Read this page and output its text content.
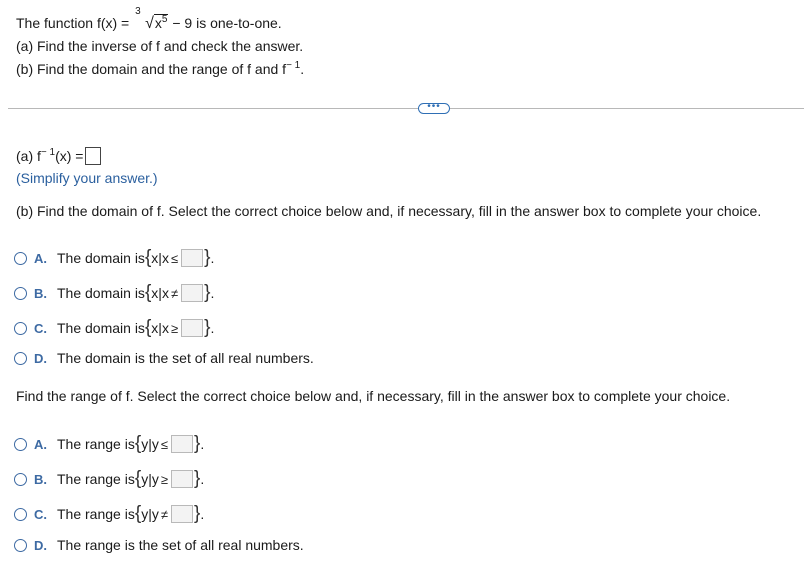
The function f(x) =
3
$√x^5 - 9$ is one-to-one.
(a) Find the inverse of f and check the answer.
(b) Find the domain and the range of f and $f^{- 1}$.
•••
(a) $f^{- 1}(x)$ =
(Simplify your answer.)
(b) Find the domain of f. Select the correct choice below and, if necessary, fill in the answer box to complete your choice.
A. The domain is { x | x ≤ } .
B. The domain is { x | x ≠ } .
C. The domain is { x | x ≥ } .
D. The domain is the set of all real numbers.
Find the range of f. Select the correct choice below and, if necessary, fill in the answer box to complete your choice.
A. The range is { y | y ≤ } .
B. The range is { y | y ≥ } .
C. The range is { y | y ≠ } .
D. The range is the set of all real numbers.
